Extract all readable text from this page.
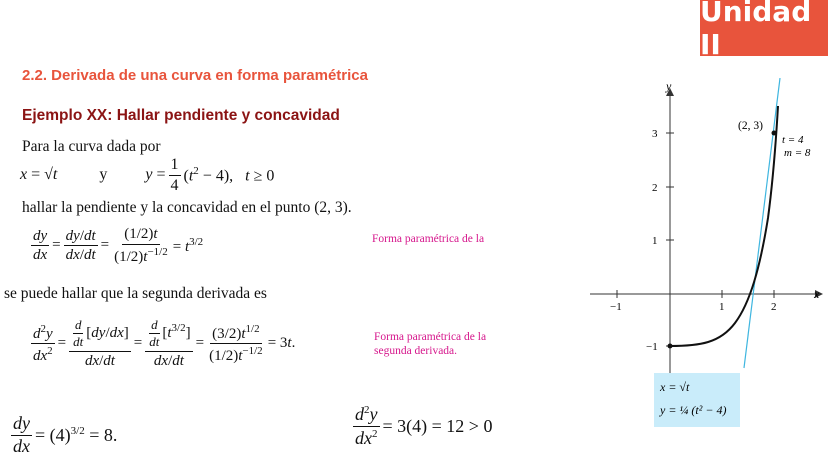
Unidad II
2.2. Derivada de una curva en forma paramétrica
Ejemplo XX: Hallar pendiente y concavidad
Para la curva dada por
x = √t	y $y = \frac{1}{4} (t^2 - 4)$,   t ≥ 0
hallar la pendiente y la concavidad en el punto (2, 3).
$\frac{dy}{dx} = \frac{dy/dt}{dx/dt} = \frac{(1/2)t}{(1/2)t^{-1/2}} = t^{3/2}$	Forma paramétrica de la
se puede hallar que la segunda derivada es
$\frac{d^2y}{dx^2} = \frac{\frac{d}{dt} [dy/dx]}{dx/dt} = \frac{\frac{d}{dt} [t^{3/2}]}{dx/dt} = \frac{(3/2)t^{1/2}}{(1/2)t^{-1/2}} = 3t$.	Forma paramétrica de la
segunda derivada.
$\frac{dy}{dx} = (4)^{3/2} = 8$.	$\frac{d^2y}{dx^2} = 3(4) = 12 > 0$
x
y
−1	1	2
−1
1
2
3
(2, 3)
t = 4
m = 8
x = √t
y = ¼ (t² − 4)
